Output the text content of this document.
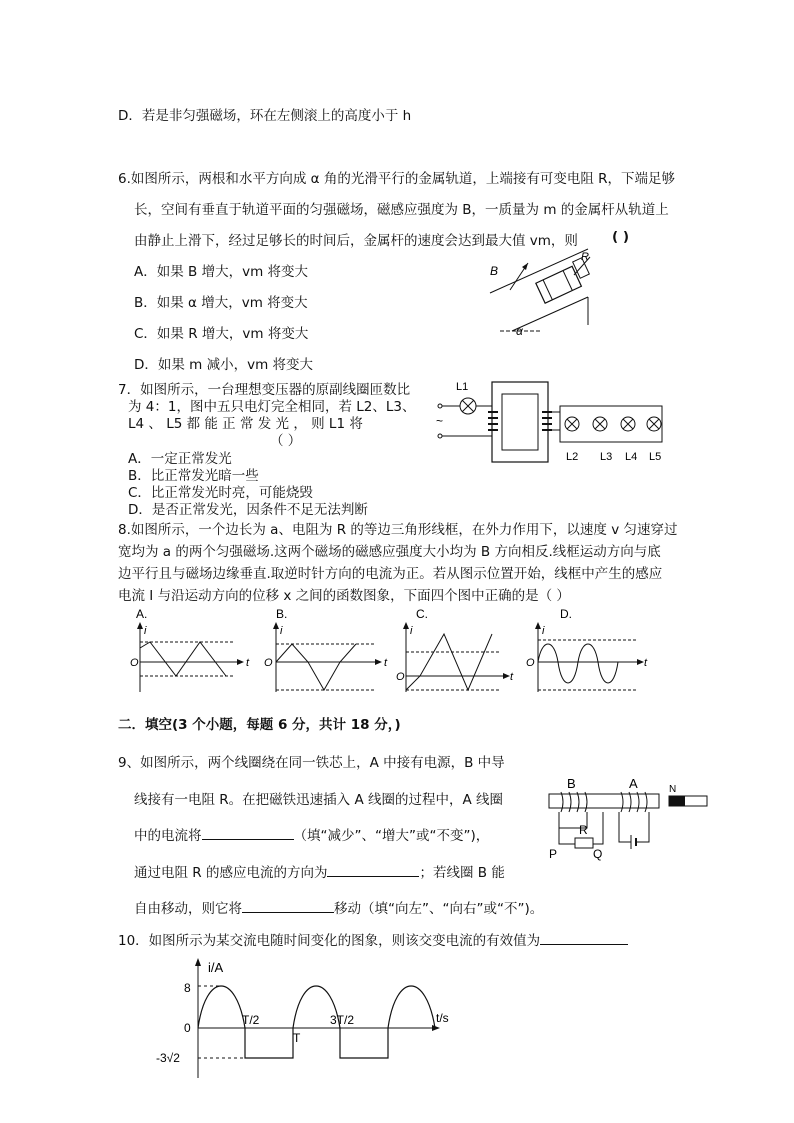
D．若是非匀强磁场，环在左侧滚上的高度小于 h
6.如图所示，两根和水平方向成 α 角的光滑平行的金属轨道，上端接有可变电阻 R，下端足够
长，空间有垂直于轨道平面的匀强磁场，磁感应强度为 B，一质量为 m 的金属杆从轨道上
由静止上滑下，经过足够长的时间后，金属杆的速度会达到最大值 vm，则	( )
A．如果 B 增大，vm 将变大
B．如果 α 增大，vm 将变大
C．如果 R 增大，vm 将变大
D．如果 m 减小，vm 将变大
B
R
α
7．如图所示，一台理想变压器的原副线圈匝数比
为 4：1，图中五只电灯完全相同，若 L2、L3、
L4 、 L5 都 能 正 常 发 光 ， 则 L1 将
（ ）
A．一定正常发光
B．比正常发光暗一些
C．比正常发光时亮，可能烧毁
D．是否正常发光，因条件不足无法判断
~
L1
L2 L3 L4 L5
8.如图所示，一个边长为 a、电阻为 R 的等边三角形线框，在外力作用下，以速度 v 匀速穿过
宽均为 a 的两个匀强磁场.这两个磁场的磁感应强度大小均为 B 方向相反.线框运动方向与底
边平行且与磁场边缘垂直.取逆时针方向的电流为正。若从图示位置开始，线框中产生的感应
电流 I 与沿运动方向的位移 x 之间的函数图象，下面四个图中正确的是（ ）
A.
i
t
O
B.
i
t
O
C.
i
t
O
D.
i
t
O
二．填空(3 个小题，每题 6 分，共计 18 分，)
9、如图所示，两个线圈绕在同一铁芯上，A 中接有电源，B 中导
线接有一电阻 R。在把磁铁迅速插入 A 线圈的过程中，A 线圈
中的电流将	（填“减少”、“增大”或“不变”)，
通过电阻 R 的感应电流的方向为	；若线圈 B 能
自由移动，则它将	移动（填“向左”、“向右”或“不”)。
B	A	N
R
P	Q
10．如图所示为某交流电随时间变化的图象，则该交变电流的有效值为
i/A
t/s
8
0
-3√2
T/2
T
3T/2
